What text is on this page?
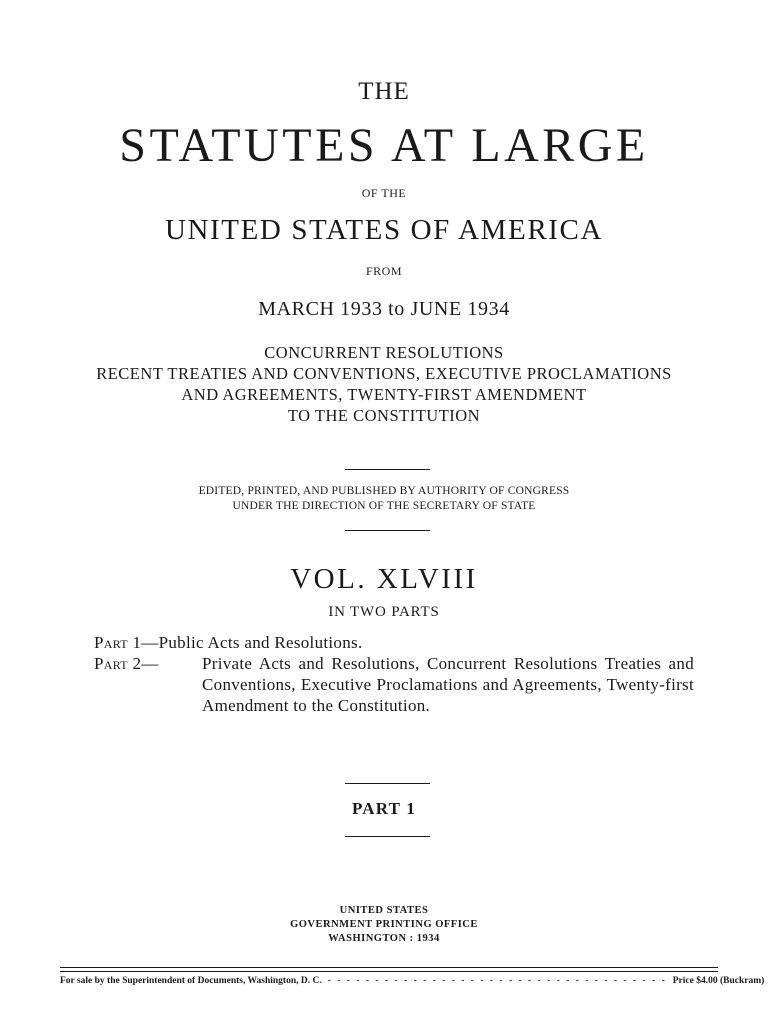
THE
STATUTES AT LARGE
OF THE
UNITED STATES OF AMERICA
FROM
MARCH 1933 to JUNE 1934
CONCURRENT RESOLUTIONS
RECENT TREATIES AND CONVENTIONS, EXECUTIVE PROCLAMATIONS
AND AGREEMENTS, TWENTY-FIRST AMENDMENT
TO THE CONSTITUTION
EDITED, PRINTED, AND PUBLISHED BY AUTHORITY OF CONGRESS
UNDER THE DIRECTION OF THE SECRETARY OF STATE
VOL. XLVIII
IN TWO PARTS
Part 1— Public Acts and Resolutions.
Part 2—	Private Acts and Resolutions, Concurrent Resolutions Treaties and Conventions, Executive Proclamations and Agreements, Twenty-first Amendment to the Constitution.
PART 1
UNITED STATES
GOVERNMENT PRINTING OFFICE
WASHINGTON : 1934
For sale by the Superintendent of Documents, Washington, D. C. - - - - - - - - - - - - - - - - - - - - - - - - - - - - - - - - - - - - Price $4.00 (Buckram)
